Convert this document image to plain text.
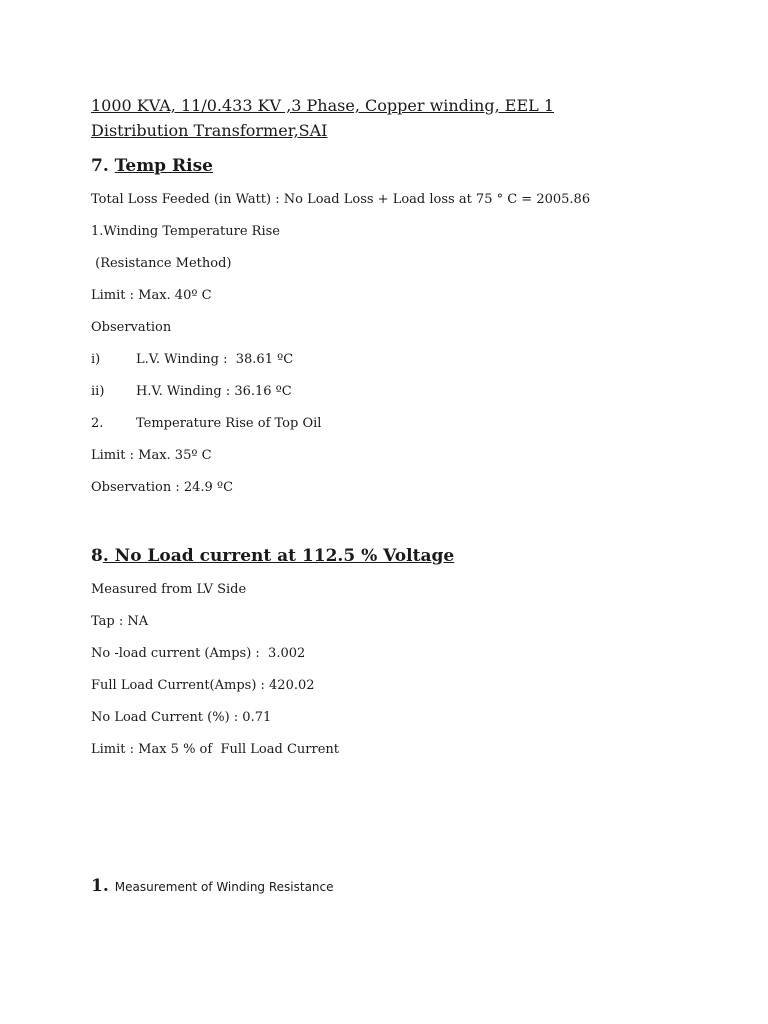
1000 KVA, 11/0.433 KV ,3 Phase, Copper winding, EEL 1 Distribution Transformer,SAI
7. Temp Rise
Total Loss Feeded (in Watt) : No Load Loss + Load loss at 75 ° C = 2005.86
1.Winding Temperature Rise
(Resistance Method)
Limit : Max. 40º C
Observation
i)	L.V. Winding :  38.61 ºC
ii) H.V. Winding : 36.16 ºC
2.	Temperature Rise of Top Oil
Limit : Max. 35º C
Observation : 24.9 ºC
8. No Load current at 112.5 % Voltage
Measured from LV Side
Tap : NA
No -load current (Amps) :  3.002
Full Load Current(Amps) : 420.02
No Load Current (%) : 0.71
Limit : Max 5 % of  Full Load Current
1. Measurement of Winding Resistance
